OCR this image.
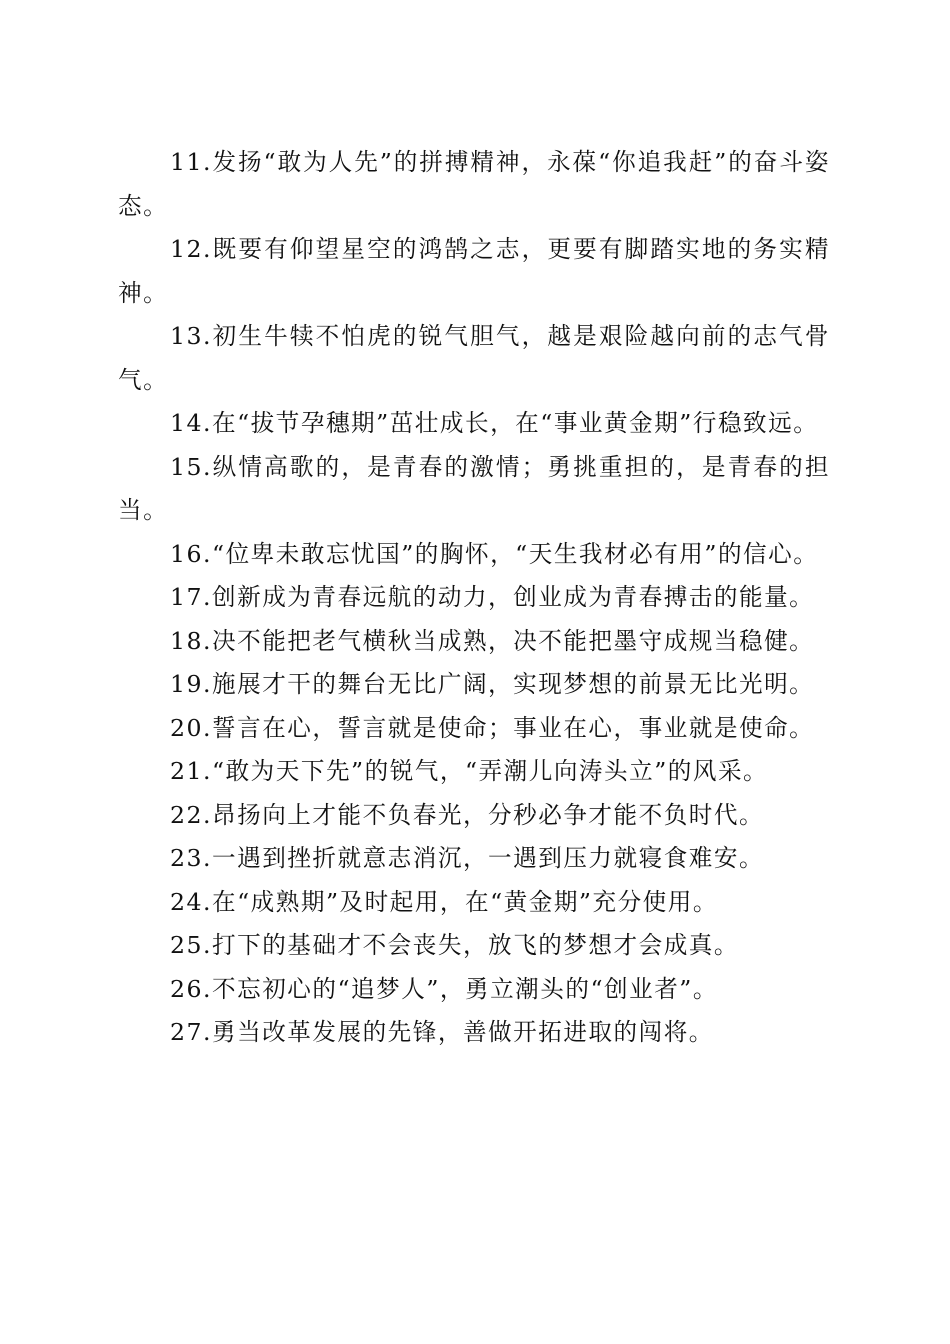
11.发扬“敢为人先”的拼搏精神，永葆“你追我赶”的奋斗姿态。

12.既要有仰望星空的鸿鹄之志，更要有脚踏实地的务实精神。

13.初生牛犊不怕虎的锐气胆气，越是艰险越向前的志气骨气。

14.在“拔节孕穗期”茁壮成长，在“事业黄金期”行稳致远。

15.纵情高歌的，是青春的激情；勇挑重担的，是青春的担当。

16.“位卑未敢忘忧国”的胸怀，“天生我材必有用”的信心。

17.创新成为青春远航的动力，创业成为青春搏击的能量。

18.决不能把老气横秋当成熟，决不能把墨守成规当稳健。

19.施展才干的舞台无比广阔，实现梦想的前景无比光明。

20.誓言在心，誓言就是使命；事业在心，事业就是使命。

21.“敢为天下先”的锐气，“弄潮儿向涛头立”的风采。

22.昂扬向上才能不负春光，分秒必争才能不负时代。

23.一遇到挫折就意志消沉，一遇到压力就寝食难安。

24.在“成熟期”及时起用，在“黄金期”充分使用。

25.打下的基础才不会丧失，放飞的梦想才会成真。

26.不忘初心的“追梦人”，勇立潮头的“创业者”。

27.勇当改革发展的先锋，善做开拓进取的闯将。
